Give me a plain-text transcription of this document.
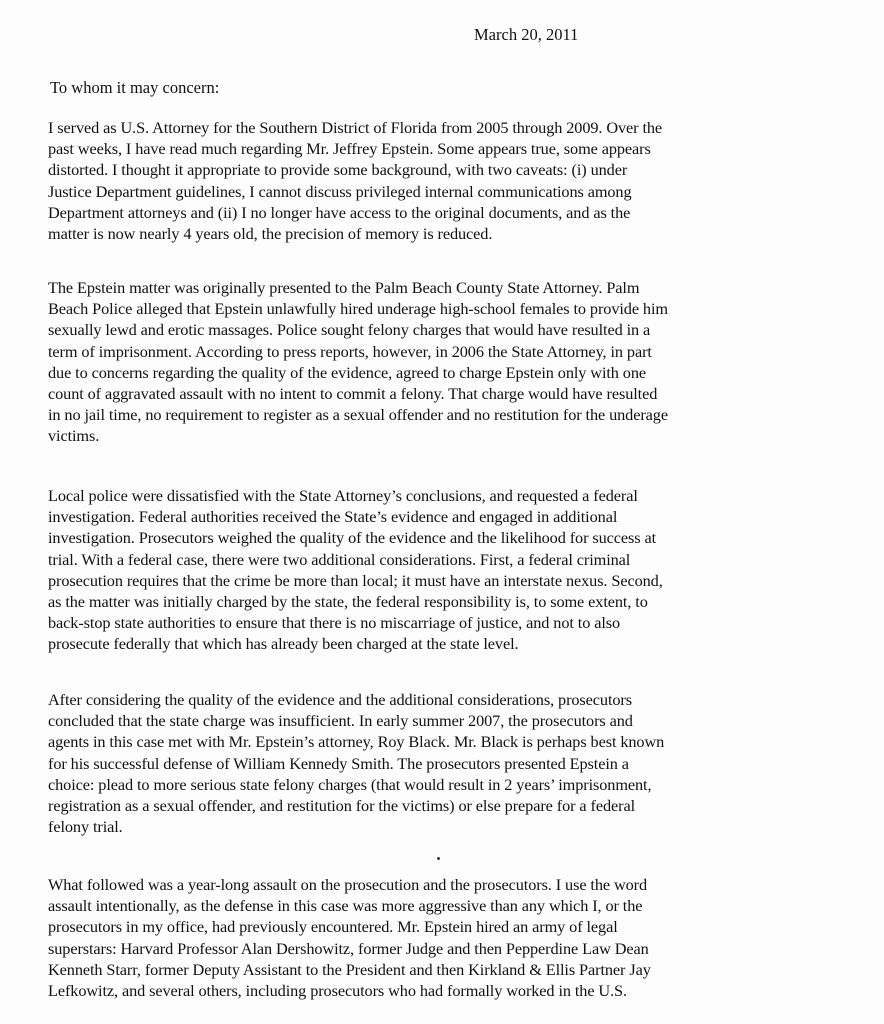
March 20, 2011
To whom it may concern:
I served as U.S. Attorney for the Southern District of Florida from 2005 through 2009. Over the
past weeks, I have read much regarding Mr. Jeffrey Epstein. Some appears true, some appears
distorted. I thought it appropriate to provide some background, with two caveats: (i) under
Justice Department guidelines, I cannot discuss privileged internal communications among
Department attorneys and (ii) I no longer have access to the original documents, and as the
matter is now nearly 4 years old, the precision of memory is reduced.
The Epstein matter was originally presented to the Palm Beach County State Attorney. Palm
Beach Police alleged that Epstein unlawfully hired underage high-school females to provide him
sexually lewd and erotic massages. Police sought felony charges that would have resulted in a
term of imprisonment. According to press reports, however, in 2006 the State Attorney, in part
due to concerns regarding the quality of the evidence, agreed to charge Epstein only with one
count of aggravated assault with no intent to commit a felony. That charge would have resulted
in no jail time, no requirement to register as a sexual offender and no restitution for the underage
victims.
Local police were dissatisfied with the State Attorney’s conclusions, and requested a federal
investigation. Federal authorities received the State’s evidence and engaged in additional
investigation. Prosecutors weighed the quality of the evidence and the likelihood for success at
trial. With a federal case, there were two additional considerations. First, a federal criminal
prosecution requires that the crime be more than local; it must have an interstate nexus. Second,
as the matter was initially charged by the state, the federal responsibility is, to some extent, to
back-stop state authorities to ensure that there is no miscarriage of justice, and not to also
prosecute federally that which has already been charged at the state level.
After considering the quality of the evidence and the additional considerations, prosecutors
concluded that the state charge was insufficient. In early summer 2007, the prosecutors and
agents in this case met with Mr. Epstein’s attorney, Roy Black. Mr. Black is perhaps best known
for his successful defense of William Kennedy Smith. The prosecutors presented Epstein a
choice: plead to more serious state felony charges (that would result in 2 years’ imprisonment,
registration as a sexual offender, and restitution for the victims) or else prepare for a federal
felony trial.
What followed was a year-long assault on the prosecution and the prosecutors. I use the word
assault intentionally, as the defense in this case was more aggressive than any which I, or the
prosecutors in my office, had previously encountered. Mr. Epstein hired an army of legal
superstars: Harvard Professor Alan Dershowitz, former Judge and then Pepperdine Law Dean
Kenneth Starr, former Deputy Assistant to the President and then Kirkland & Ellis Partner Jay
Lefkowitz, and several others, including prosecutors who had formally worked in the U.S.
